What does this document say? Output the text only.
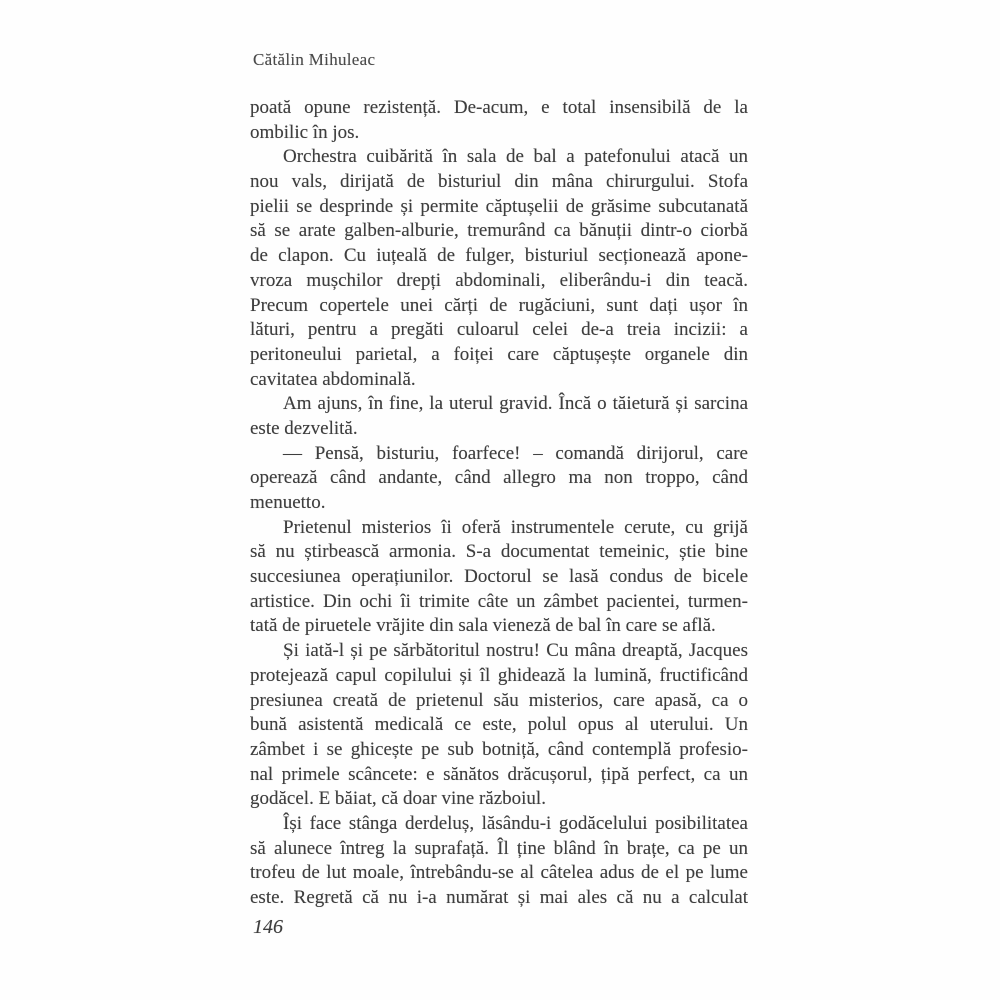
Cătălin Mihuleac
poată opune rezistență. De-acum, e total insensibilă de la
ombilic în jos.
Orchestra cuibărită în sala de bal a patefonului atacă un
nou vals, dirijată de bisturiul din mâna chirurgului. Stofa
pielii se desprinde și permite căptușelii de grăsime subcutanată
să se arate galben-alburie, tremurând ca bănuții dintr-o ciorbă
de clapon. Cu iuțeală de fulger, bisturiul secționează apone-
vroza mușchilor drepți abdominali, eliberându-i din teacă.
Precum copertele unei cărți de rugăciuni, sunt dați ușor în
lături, pentru a pregăti culoarul celei de-a treia incizii: a
peritoneului parietal, a foiței care căptușește organele din
cavitatea abdominală.
Am ajuns, în fine, la uterul gravid. Încă o tăietură și sarcina
este dezvelită.
— Pensă, bisturiu, foarfece! – comandă dirijorul, care
operează când andante, când allegro ma non troppo, când
menuetto.
Prietenul misterios îi oferă instrumentele cerute, cu grijă
să nu știrbească armonia. S-a documentat temeinic, știe bine
succesiunea operațiunilor. Doctorul se lasă condus de bicele
artistice. Din ochi îi trimite câte un zâmbet pacientei, turmen-
tată de piruetele vrăjite din sala vieneză de bal în care se află.
Și iată-l și pe sărbătoritul nostru! Cu mâna dreaptă, Jacques
protejează capul copilului și îl ghidează la lumină, fructificând
presiunea creată de prietenul său misterios, care apasă, ca o
bună asistentă medicală ce este, polul opus al uterului. Un
zâmbet i se ghicește pe sub botniță, când contemplă profesio-
nal primele scâncete: e sănătos drăcușorul, țipă perfect, ca un
godăcel. E băiat, că doar vine războiul.
Își face stânga derdeluș, lăsându-i godăcelului posibilitatea
să alunece întreg la suprafață. Îl ține blând în brațe, ca pe un
trofeu de lut moale, întrebându-se al câtelea adus de el pe lume
este. Regretă că nu i-a numărat și mai ales că nu a calculat
146
